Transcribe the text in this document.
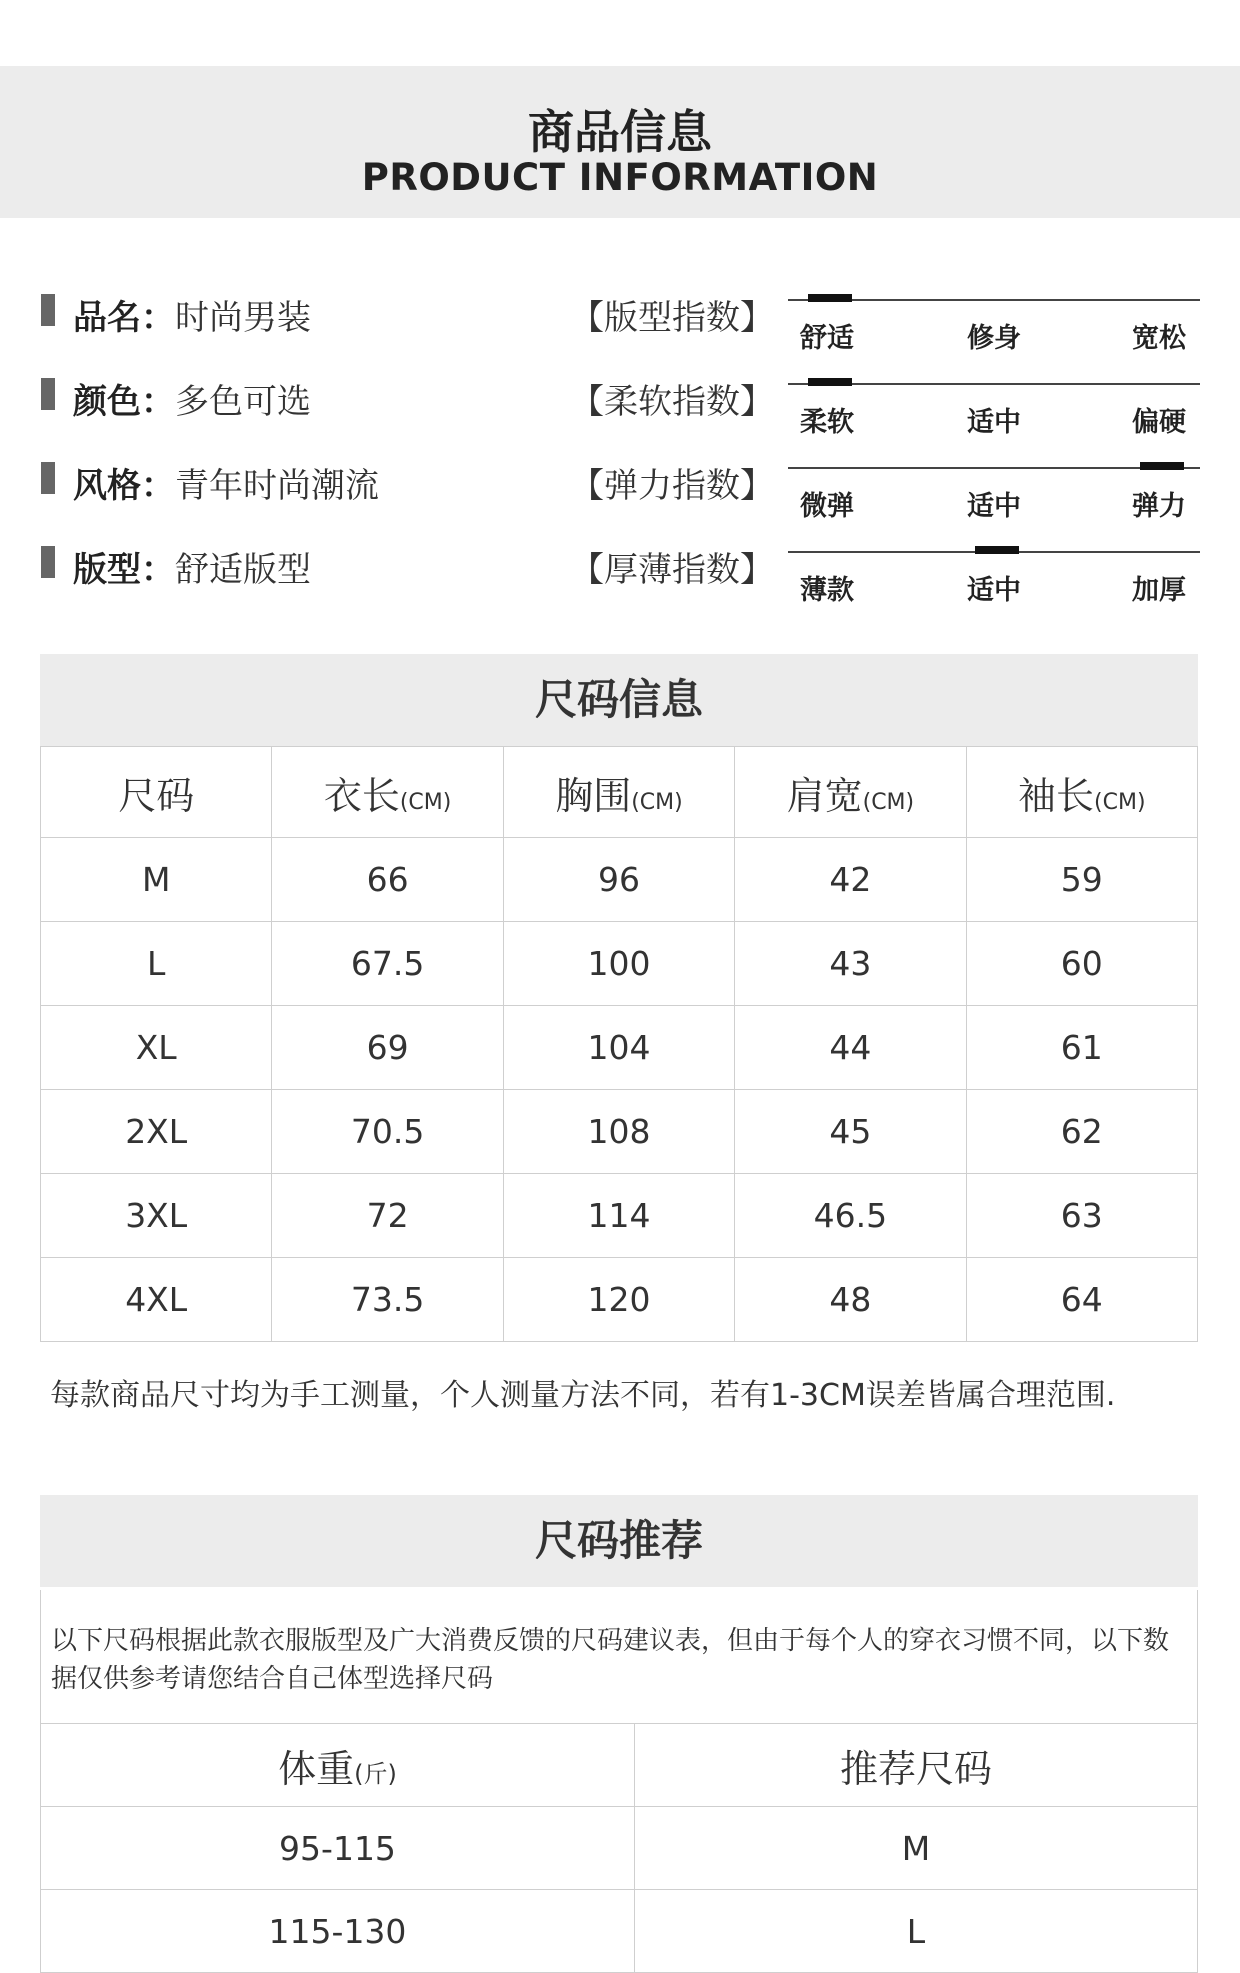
商品信息
PRODUCT INFORMATION
品名：时尚男装	【版型指数】
舒适	修身	宽松
颜色：多色可选	【柔软指数】
柔软	适中	偏硬
风格：青年时尚潮流	【弹力指数】
微弹	适中	弹力
版型：舒适版型	【厚薄指数】
薄款	适中	加厚
尺码信息
尺码	衣长(CM)	胸围(CM)	肩宽(CM)	袖长(CM)
M	66	96	42	59
L	67.5	100	43	60
XL	69	104	44	61
2XL	70.5	108	45	62
3XL	72	114	46.5	63
4XL	73.5	120	48	64
每款商品尺寸均为手工测量，个人测量方法不同，若有1-3CM误差皆属合理范围.
尺码推荐
以下尺码根据此款衣服版型及广大消费反馈的尺码建议表，但由于每个人的穿衣习惯不同，以下数据仅供参考请您结合自己体型选择尺码
体重(斤)	推荐尺码
95-115	M
115-130	L
